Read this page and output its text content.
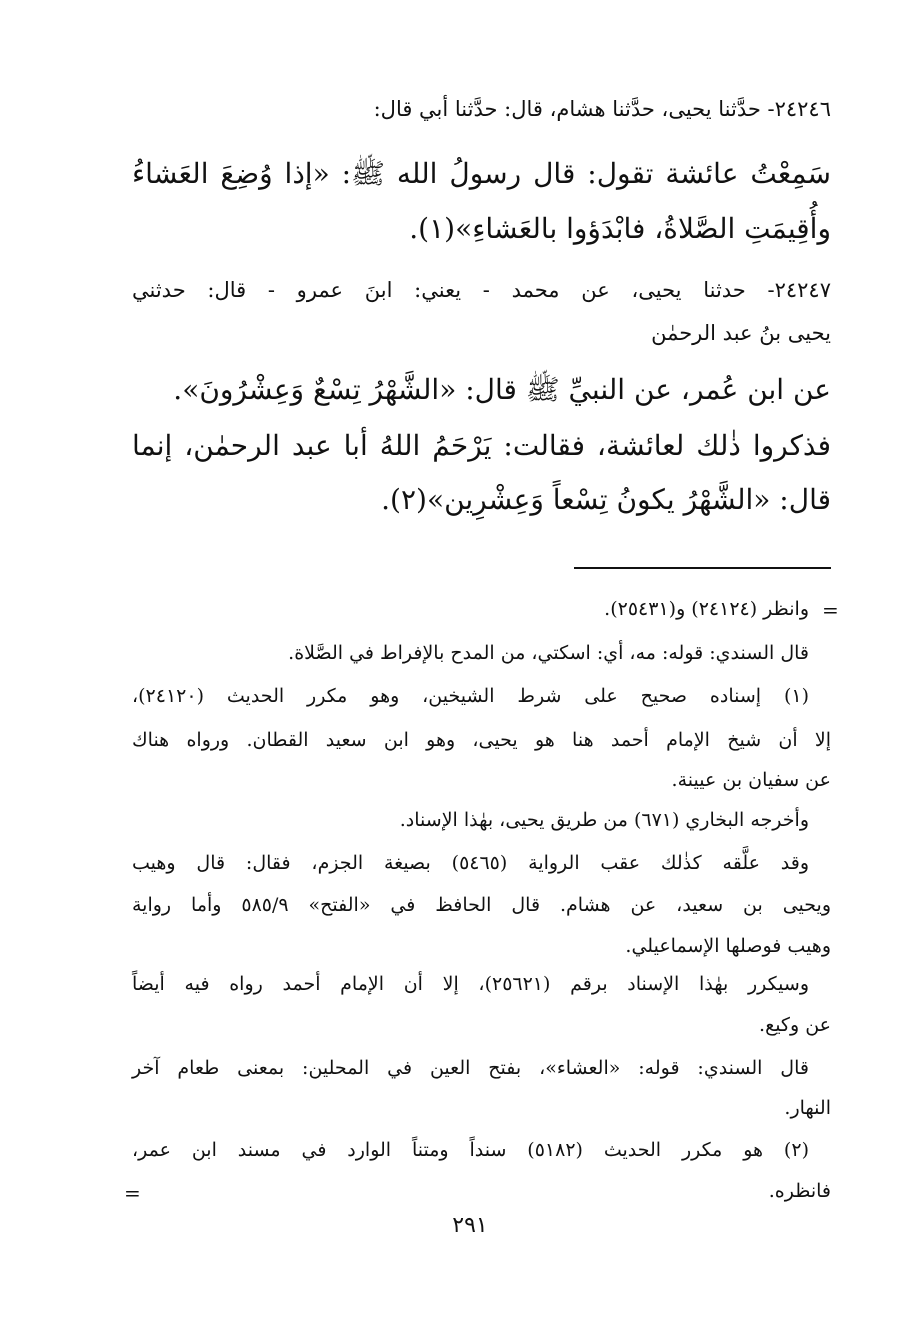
٢٤٢٤٦- حدَّثنا يحيى، حدَّثنا هشام، قال: حدَّثنا أبي قال:
سَمِعْتُ عائشة تقول: قال رسولُ الله ﷺ: «إذا وُضِعَ العَشاءُ
وأُقِيمَتِ الصَّلاةُ، فابْدَؤوا بالعَشاءِ»(١).
٢٤٢٤٧- حدثنا يحيى، عن محمد - يعني: ابنَ عمرو - قال: حدثني
يحيى بنُ عبد الرحمٰن
عن ابن عُمر، عن النبيِّ ﷺ قال: «الشَّهْرُ تِسْعٌ وَعِشْرُونَ».
فذكروا ذٰلك لعائشة، فقالت: يَرْحَمُ اللهُ أبا عبد الرحمٰن، إنما
قال: «الشَّهْرُ يكونُ تِسْعاً وَعِشْرِين»(٢).
=
وانظر (٢٤١٢٤) و(٢٥٤٣١).
قال السندي: قوله: مه، أي: اسكتي، من المدح بالإفراط في الصَّلاة.
(١) إسناده صحيح على شرط الشيخين، وهو مكرر الحديث (٢٤١٢٠)،
إلا أن شيخ الإمام أحمد هنا هو يحيى، وهو ابن سعيد القطان. ورواه هناك
عن سفيان بن عيينة.
وأخرجه البخاري (٦٧١) من طريق يحيى، بهٰذا الإسناد.
وقد علَّقه كذٰلك عقب الرواية (٥٤٦٥) بصيغة الجزم، فقال: قال وهيب
ويحيى بن سعيد، عن هشام. قال الحافظ في «الفتح» ٥٨٥/٩ وأما رواية
وهيب فوصلها الإسماعيلي.
وسيكرر بهٰذا الإسناد برقم (٢٥٦٢١)، إلا أن الإمام أحمد رواه فيه أيضاً
عن وكيع.
قال السندي: قوله: «العشاء»، بفتح العين في المحلين: بمعنى طعام آخر
النهار.
(٢) هو مكرر الحديث (٥١٨٢) سنداً ومتناً الوارد في مسند ابن عمر،
فانظره.
=
٢٩١
